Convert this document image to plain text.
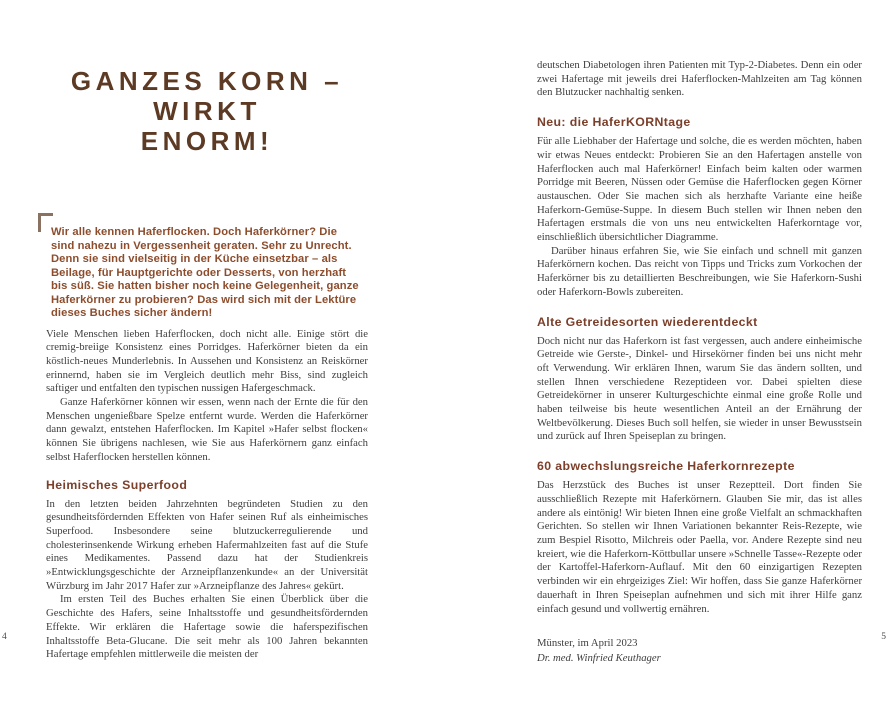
GANZES KORN – WIRKT
ENORM!

Wir alle kennen Haferflocken. Doch Haferkörner? Die sind nahezu in Vergessenheit geraten. Sehr zu Unrecht. Denn sie sind vielseitig in der Küche einsetzbar – als Beilage, für Hauptgerichte oder Desserts, von herzhaft bis süß. Sie hatten bisher noch keine Gelegenheit, ganze Haferkörner zu probieren? Das wird sich mit der Lektüre dieses Buches sicher ändern!

Viele Menschen lieben Haferflocken, doch nicht alle. Einige stört die cremig-breiige Konsistenz eines Porridges. Haferkörner bieten da ein köstlich-neues Munderlebnis. In Aussehen und Konsistenz an Reiskörner erinnernd, haben sie im Vergleich deutlich mehr Biss, sind zugleich saftiger und entfalten den typischen nussigen Hafergeschmack.

Ganze Haferkörner können wir essen, wenn nach der Ernte die für den Menschen ungenießbare Spelze entfernt wurde. Werden die Haferkörner dann gewalzt, entstehen Haferflocken. Im Kapitel »Hafer selbst flocken« können Sie übrigens nachlesen, wie Sie aus Haferkörnern ganz einfach selbst Haferflocken herstellen können.

Heimisches Superfood

In den letzten beiden Jahrzehnten begründeten Studien zu den gesundheitsfördernden Effekten von Hafer seinen Ruf als einheimisches Superfood. Insbesondere seine blutzuckerregulierende und cholesterinsenkende Wirkung erheben Hafermahlzeiten fast auf die Stufe eines Medikamentes. Passend dazu hat der Studienkreis »Entwicklungsgeschichte der Arzneipflanzenkunde« an der Universität Würzburg im Jahr 2017 Hafer zur »Arzneipflanze des Jahres« gekürt.

Im ersten Teil des Buches erhalten Sie einen Überblick über die Geschichte des Hafers, seine Inhaltsstoffe und gesundheitsfördernden Effekte. Wir erklären die Hafertage sowie die haferspezifischen Inhaltsstoffe Beta-Glucane. Die seit mehr als 100 Jahren bekannten Hafertage empfehlen mittlerweile die meisten der

deutschen Diabetologen ihren Patienten mit Typ-2-Diabetes. Denn ein oder zwei Hafertage mit jeweils drei Haferflocken-Mahlzeiten am Tag können den Blutzucker nachhaltig senken.

Neu: die HaferKORNtage

Für alle Liebhaber der Hafertage und solche, die es werden möchten, haben wir etwas Neues entdeckt: Probieren Sie an den Hafertagen anstelle von Haferflocken auch mal Haferkörner! Einfach beim kalten oder warmen Porridge mit Beeren, Nüssen oder Gemüse die Haferflocken gegen Körner austauschen. Oder Sie machen sich als herzhafte Variante eine heiße Haferkorn-Gemüse-Suppe. In diesem Buch stellen wir Ihnen neben den Hafertagen erstmals die von uns neu entwickelten Haferkorntage vor, einschließlich übersichtlicher Diagramme.

Darüber hinaus erfahren Sie, wie Sie einfach und schnell mit ganzen Haferkörnern kochen. Das reicht von Tipps und Tricks zum Vorkochen der Haferkörner bis zu detaillierten Beschreibungen, wie Sie Haferkorn-Sushi oder Haferkorn-Bowls zubereiten.

Alte Getreidesorten wiederentdeckt

Doch nicht nur das Haferkorn ist fast vergessen, auch andere einheimische Getreide wie Gerste-, Dinkel- und Hirsekörner finden bei uns nicht mehr oft Verwendung. Wir erklären Ihnen, warum Sie das ändern sollten, und stellen Ihnen verschiedene Rezeptideen vor. Dabei spielten diese Getreidekörner in unserer Kulturgeschichte einmal eine große Rolle und haben teilweise bis heute wesentlichen Anteil an der Ernährung der Weltbevölkerung. Dieses Buch soll helfen, sie wieder in unser Bewusstsein und zurück auf Ihren Speiseplan zu bringen.

60 abwechslungsreiche Haferkornrezepte

Das Herzstück des Buches ist unser Rezeptteil. Dort finden Sie ausschließlich Rezepte mit Haferkörnern. Glauben Sie mir, das ist alles andere als eintönig! Wir bieten Ihnen eine große Vielfalt an schmackhaften Gerichten. So stellen wir Ihnen Variationen bekannter Reis-Rezepte, wie zum Bespiel Risotto, Milchreis oder Paella, vor. Andere Rezepte sind neu kreiert, wie die Haferkorn-Köttbullar unsere »Schnelle Tasse«-Rezepte oder der Kartoffel-Haferkorn-Auflauf. Mit den 60 einzigartigen Rezepten verbinden wir ein ehrgeiziges Ziel: Wir hoffen, dass Sie ganze Haferkörner dauerhaft in Ihren Speiseplan aufnehmen und sich mit ihrer Hilfe ganz einfach gesund und vollwertig ernähren.

Münster, im April 2023

Dr. med. Winfried Keuthager

4	5
